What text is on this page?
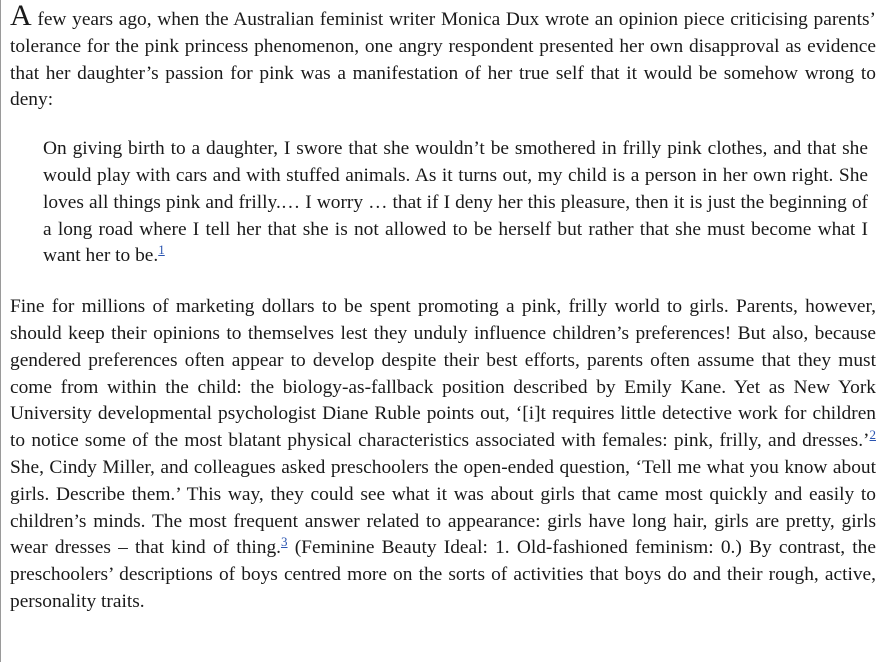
A few years ago, when the Australian feminist writer Monica Dux wrote an opinion piece criticising parents’ tolerance for the pink princess phenomenon, one angry respondent presented her own disapproval as evidence that her daughter’s passion for pink was a manifestation of her true self that it would be somehow wrong to deny:

On giving birth to a daughter, I swore that she wouldn’t be smothered in frilly pink clothes, and that she would play with cars and with stuffed animals. As it turns out, my child is a person in her own right. She loves all things pink and frilly.… I worry … that if I deny her this pleasure, then it is just the beginning of a long road where I tell her that she is not allowed to be herself but rather that she must become what I want her to be.$^1$

Fine for millions of marketing dollars to be spent promoting a pink, frilly world to girls. Parents, however, should keep their opinions to themselves lest they unduly influence children’s preferences! But also, because gendered preferences often appear to develop despite their best efforts, parents often assume that they must come from within the child: the biology-as-fallback position described by Emily Kane. Yet as New York University developmental psychologist Diane Ruble points out, ‘[i]t requires little detective work for children to notice some of the most blatant physical characteristics associated with females: pink, frilly, and dresses.’$^2$ She, Cindy Miller, and colleagues asked preschoolers the open-ended question, ‘Tell me what you know about girls. Describe them.’ This way, they could see what it was about girls that came most quickly and easily to children’s minds. The most frequent answer related to appearance: girls have long hair, girls are pretty, girls wear dresses – that kind of thing.$^3$ (Feminine Beauty Ideal: 1. Old-fashioned feminism: 0.) By contrast, the preschoolers’ descriptions of boys centred more on the sorts of activities that boys do and their rough, active, personality traits.
